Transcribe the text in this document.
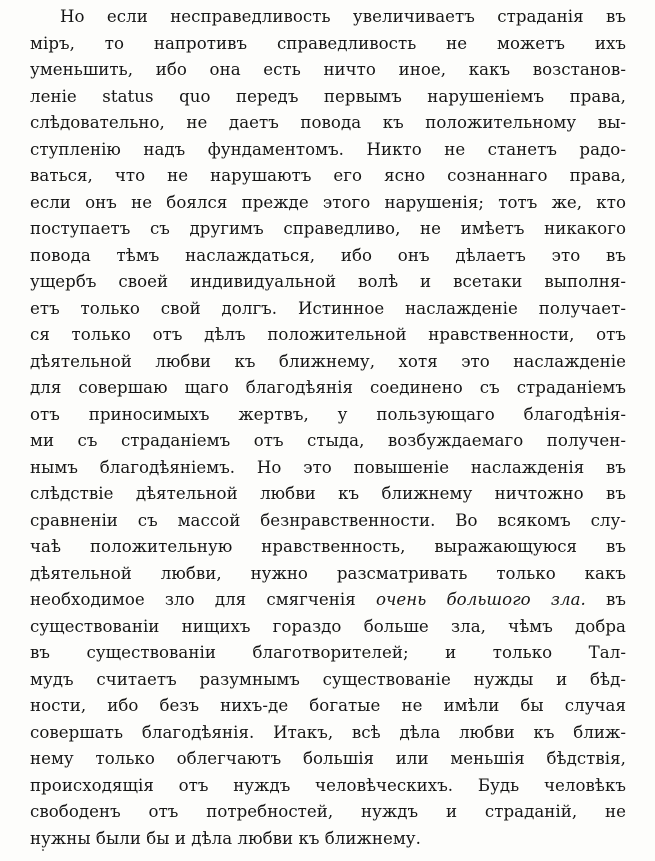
Но если несправедливость увеличиваетъ страданія въ
міръ, то напротивъ справедливость не можетъ ихъ
уменьшить, ибо она есть ничто иное, какъ возстанов-
леніе status quo передъ первымъ нарушеніемъ права,
слѣдовательно, не даетъ повода къ положительному вы-
ступленію надъ фундаментомъ. Никто не станетъ радо-
ваться, что не нарушаютъ его ясно сознаннаго права,
если онъ не боялся прежде этого нарушенія; тотъ же, кто
поступаетъ съ другимъ справедливо, не имѣетъ никакого
повода тѣмъ наслаждаться, ибо онъ дѣлаетъ это въ
ущербъ своей индивидуальной волѣ и всетаки выполня-
етъ только свой долгъ. Истинное наслажденіе получает-
ся только отъ дѣлъ положительной нравственности, отъ
дѣятельной любви къ ближнему, хотя это наслажденіе
для совершаю щаго благодѣянія соединено съ страданіемъ
отъ приносимыхъ жертвъ, у пользующаго благодѣнія-
ми съ страданіемъ отъ стыда, возбуждаемаго получен-
нымъ благодѣяніемъ. Но это повышеніе наслажденія въ
слѣдствіе дѣятельной любви къ ближнему ничтожно въ
сравненіи съ массой безнравственности. Во всякомъ слу-
чаѣ положительную нравственность, выражающуюся въ
дѣятельной любви, нужно разсматривать только какъ
необходимое зло для смягченія очень большого зла. въ
существованіи нищихъ гораздо больше зла, чѣмъ добра
въ существованіи благотворителей; и только Тал-
мудъ считаетъ разумнымъ существованіе нужды и бѣд-
ности, ибо безъ нихъ-де богатые не имѣли бы случая
совершать благодѣянія. Итакъ, всѣ дѣла любви къ ближ-
нему только облегчаютъ большія или меньшія бѣдствія,
происходящія отъ нуждъ человѣческихъ. Будь человѣкъ
свободенъ отъ потребностей, нуждъ и страданій, не
нужны были бы и дѣла любви къ ближнему.
